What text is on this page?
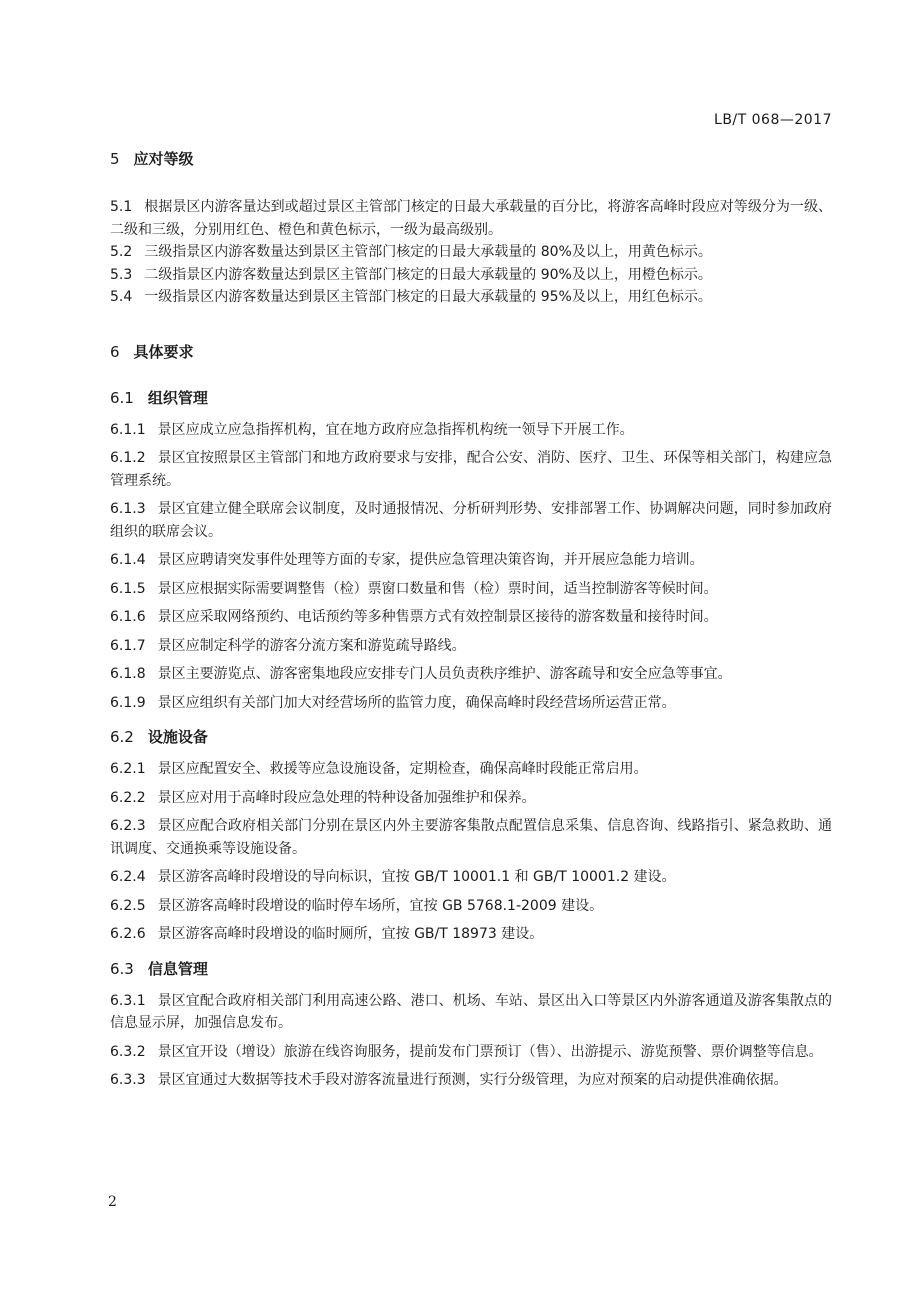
LB/T 068—2017
5 应对等级

5.1 根据景区内游客量达到或超过景区主管部门核定的日最大承载量的百分比，将游客高峰时段应对等级分为一级、二级和三级，分别用红色、橙色和黄色标示，一级为最高级别。

5.2 三级指景区内游客数量达到景区主管部门核定的日最大承载量的 80%及以上，用黄色标示。

5.3 二级指景区内游客数量达到景区主管部门核定的日最大承载量的 90%及以上，用橙色标示。

5.4 一级指景区内游客数量达到景区主管部门核定的日最大承载量的 95%及以上，用红色标示。

6 具体要求
6.1 组织管理

6.1.1 景区应成立应急指挥机构，宜在地方政府应急指挥机构统一领导下开展工作。

6.1.2 景区宜按照景区主管部门和地方政府要求与安排，配合公安、消防、医疗、卫生、环保等相关部门，构建应急管理系统。

6.1.3 景区宜建立健全联席会议制度，及时通报情况、分析研判形势、安排部署工作、协调解决问题，同时参加政府组织的联席会议。

6.1.4 景区应聘请突发事件处理等方面的专家，提供应急管理决策咨询，并开展应急能力培训。

6.1.5 景区应根据实际需要调整售（检）票窗口数量和售（检）票时间，适当控制游客等候时间。

6.1.6 景区应采取网络预约、电话预约等多种售票方式有效控制景区接待的游客数量和接待时间。

6.1.7 景区应制定科学的游客分流方案和游览疏导路线。

6.1.8 景区主要游览点、游客密集地段应安排专门人员负责秩序维护、游客疏导和安全应急等事宜。

6.1.9 景区应组织有关部门加大对经营场所的监管力度，确保高峰时段经营场所运营正常。

6.2 设施设备

6.2.1 景区应配置安全、救援等应急设施设备，定期检查，确保高峰时段能正常启用。

6.2.2 景区应对用于高峰时段应急处理的特种设备加强维护和保养。

6.2.3 景区应配合政府相关部门分别在景区内外主要游客集散点配置信息采集、信息咨询、线路指引、紧急救助、通讯调度、交通换乘等设施设备。

6.2.4 景区游客高峰时段增设的导向标识，宜按 GB/T 10001.1 和 GB/T 10001.2 建设。

6.2.5 景区游客高峰时段增设的临时停车场所，宜按 GB 5768.1-2009 建设。

6.2.6 景区游客高峰时段增设的临时厕所，宜按 GB/T 18973 建设。

6.3 信息管理

6.3.1 景区宜配合政府相关部门利用高速公路、港口、机场、车站、景区出入口等景区内外游客通道及游客集散点的信息显示屏，加强信息发布。

6.3.2 景区宜开设（增设）旅游在线咨询服务，提前发布门票预订（售）、出游提示、游览预警、票价调整等信息。

6.3.3 景区宜通过大数据等技术手段对游客流量进行预测，实行分级管理，为应对预案的启动提供准确依据。

2
